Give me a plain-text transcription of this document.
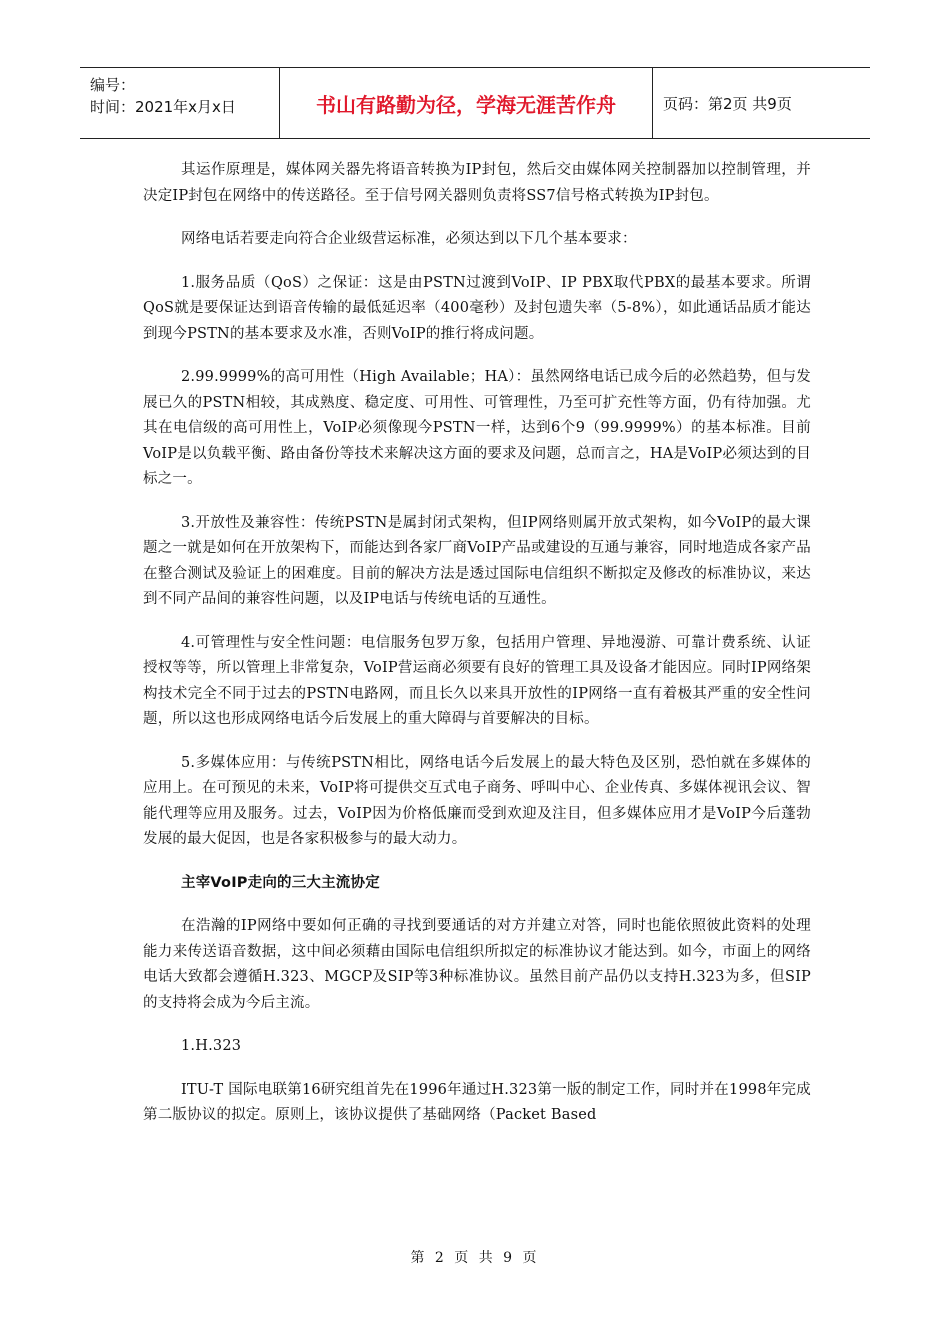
编号：
时间：2021年x月x日	书山有路勤为径，学海无涯苦作舟	页码：第2页 共9页

其运作原理是，媒体网关器先将语音转换为IP封包，然后交由媒体网关控制器加以控制管理，并决定IP封包在网络中的传送路径。至于信号网关器则负责将SS7信号格式转换为IP封包。

网络电话若要走向符合企业级营运标准，必须达到以下几个基本要求：

1.服务品质（QoS）之保证：这是由PSTN过渡到VoIP、IP PBX取代PBX的最基本要求。所谓QoS就是要保证达到语音传输的最低延迟率（400毫秒）及封包遗失率（5-8%），如此通话品质才能达到现今PSTN的基本要求及水准，否则VoIP的推行将成问题。

2.99.9999%的高可用性（High Available；HA）：虽然网络电话已成今后的必然趋势，但与发展已久的PSTN相较，其成熟度、稳定度、可用性、可管理性，乃至可扩充性等方面，仍有待加强。尤其在电信级的高可用性上，VoIP必须像现今PSTN一样，达到6个9（99.9999%）的基本标准。目前VoIP是以负载平衡、路由备份等技术来解决这方面的要求及问题，总而言之，HA是VoIP必须达到的目标之一。

3.开放性及兼容性：传统PSTN是属封闭式架构，但IP网络则属开放式架构，如今VoIP的最大课题之一就是如何在开放架构下，而能达到各家厂商VoIP产品或建设的互通与兼容，同时地造成各家产品在整合测试及验证上的困难度。目前的解决方法是透过国际电信组织不断拟定及修改的标准协议，来达到不同产品间的兼容性问题，以及IP电话与传统电话的互通性。

4.可管理性与安全性问题：电信服务包罗万象，包括用户管理、异地漫游、可靠计费系统、认证授权等等，所以管理上非常复杂，VoIP营运商必须要有良好的管理工具及设备才能因应。同时IP网络架构技术完全不同于过去的PSTN电路网，而且长久以来具开放性的IP网络一直有着极其严重的安全性问题，所以这也形成网络电话今后发展上的重大障碍与首要解决的目标。

5.多媒体应用：与传统PSTN相比，网络电话今后发展上的最大特色及区别，恐怕就在多媒体的应用上。在可预见的未来，VoIP将可提供交互式电子商务、呼叫中心、企业传真、多媒体视讯会议、智能代理等应用及服务。过去，VoIP因为价格低廉而受到欢迎及注目，但多媒体应用才是VoIP今后蓬勃发展的最大促因，也是各家积极参与的最大动力。

主宰VoIP走向的三大主流协定

在浩瀚的IP网络中要如何正确的寻找到要通话的对方并建立对答，同时也能依照彼此资料的处理能力来传送语音数据，这中间必须藉由国际电信组织所拟定的标准协议才能达到。如今，市面上的网络电话大致都会遵循H.323、MGCP及SIP等3种标准协议。虽然目前产品仍以支持H.323为多，但SIP的支持将会成为今后主流。

1.H.323

ITU-T 国际电联第16研究组首先在1996年通过H.323第一版的制定工作，同时并在1998年完成第二版协议的拟定。原则上，该协议提供了基础网络（Packet Based

第 2 页 共 9 页
